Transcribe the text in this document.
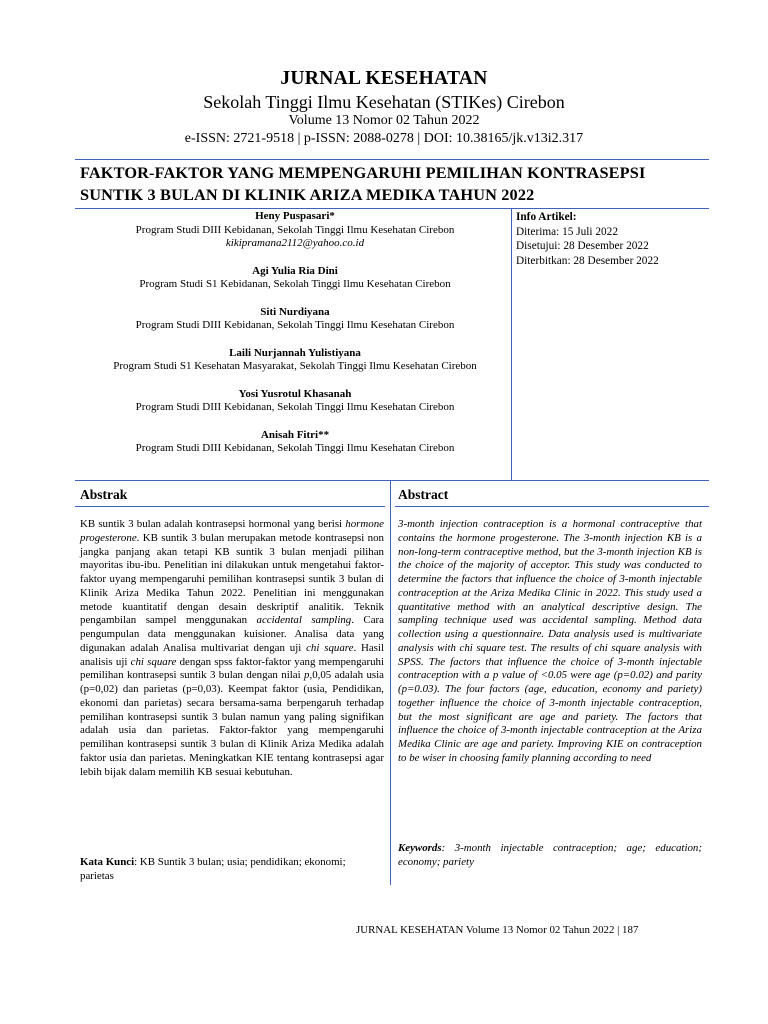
JURNAL KESEHATAN
Sekolah Tinggi Ilmu Kesehatan (STIKes) Cirebon
Volume 13 Nomor 02 Tahun 2022
e-ISSN: 2721-9518 | p-ISSN: 2088-0278 | DOI: 10.38165/jk.v13i2.317
FAKTOR-FAKTOR YANG MEMPENGARUHI PEMILIHAN KONTRASEPSI SUNTIK 3 BULAN DI KLINIK ARIZA MEDIKA TAHUN 2022
Heny Puspasari*
Program Studi DIII Kebidanan, Sekolah Tinggi Ilmu Kesehatan Cirebon
kikipramana2112@yahoo.co.id
Agi Yulia Ria Dini
Program Studi S1 Kebidanan, Sekolah Tinggi Ilmu Kesehatan Cirebon
Siti Nurdiyana
Program Studi DIII Kebidanan, Sekolah Tinggi Ilmu Kesehatan Cirebon
Laili Nurjannah Yulistiyana
Program Studi S1 Kesehatan Masyarakat, Sekolah Tinggi Ilmu Kesehatan Cirebon
Yosi Yusrotul Khasanah
Program Studi DIII Kebidanan, Sekolah Tinggi Ilmu Kesehatan Cirebon
Anisah Fitri**
Program Studi DIII Kebidanan, Sekolah Tinggi Ilmu Kesehatan Cirebon
Info Artikel:
Diterima: 15 Juli 2022
Disetujui: 28 Desember 2022
Diterbitkan: 28 Desember 2022
Abstrak
KB suntik 3 bulan adalah kontrasepsi hormonal yang berisi hormone progesterone. KB suntik 3 bulan merupakan metode kontrasepsi non jangka panjang akan tetapi KB suntik 3 bulan menjadi pilihan mayoritas ibu-ibu. Penelitian ini dilakukan untuk mengetahui faktor-faktor uyang mempengaruhi pemilihan kontrasepsi suntik 3 bulan di Klinik Ariza Medika Tahun 2022. Penelitian ini menggunakan metode kuantitatif dengan desain deskriptif analitik. Teknik pengambilan sampel menggunakan accidental sampling. Cara pengumpulan data menggunakan kuisioner. Analisa data yang digunakan adalah Analisa multivariat dengan uji chi square. Hasil analisis uji chi square dengan spss faktor-faktor yang mempengaruhi pemilihan kontrasepsi suntik 3 bulan dengan nilai p,0,05 adalah usia (p=0,02) dan parietas (p=0,03). Keempat faktor (usia, Pendidikan, ekonomi dan parietas) secara bersama-sama berpengaruh terhadap pemilihan kontrasepsi suntik 3 bulan namun yang paling signifikan adalah usia dan parietas. Faktor-faktor yang mempengaruhi pemilihan kontrasepsi suntik 3 bulan di Klinik Ariza Medika adalah faktor usia dan parietas. Meningkatkan KIE tentang kontrasepsi agar lebih bijak dalam memilih KB sesuai kebutuhan.
Kata Kunci: KB Suntik 3 bulan; usia; pendidikan; ekonomi; parietas
Abstract
3-month injection contraception is a hormonal contraceptive that contains the hormone progesterone. The 3-month injection KB is a non-long-term contraceptive method, but the 3-month injection KB is the choice of the majority of acceptor. This study was conducted to determine the factors that influence the choice of 3-month injectable contraception at the Ariza Medika Clinic in 2022. This study used a quantitative method with an analytical descriptive design. The sampling technique used was accidental sampling. Method data collection using a questionnaire. Data analysis used is multivariate analysis with chi square test. The results of chi square analysis with SPSS. The factors that influence the choice of 3-month injectable contraception with a p value of <0.05 were age (p=0.02) and parity (p=0.03). The four factors (age, education, economy and pariety) together influence the choice of 3-month injectable contraception, but the most significant are age and pariety. The factors that influence the choice of 3-month injectable contraception at the Ariza Medika Clinic are age and pariety. Improving KIE on contraception to be wiser in choosing family planning according to need
Keywords: 3-month injectable contraception; age; education; economy; pariety
JURNAL KESEHATAN Volume 13 Nomor 02 Tahun 2022 | 187
